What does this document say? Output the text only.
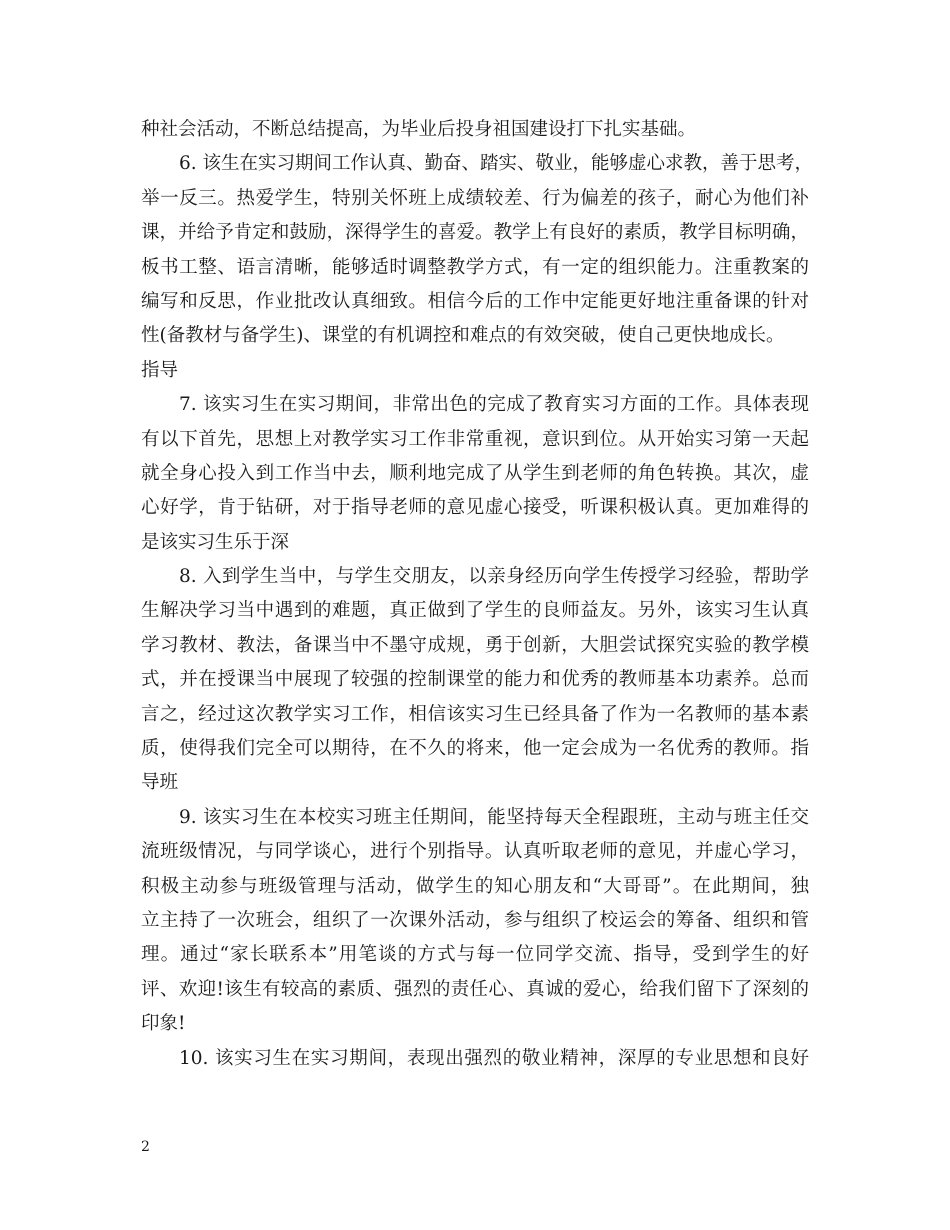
种社会活动，不断总结提高，为毕业后投身祖国建设打下扎实基础。
6. 该生在实习期间工作认真、勤奋、踏实、敬业，能够虚心求教，善于思考，
举一反三。热爱学生，特别关怀班上成绩较差、行为偏差的孩子，耐心为他们补
课，并给予肯定和鼓励，深得学生的喜爱。教学上有良好的素质，教学目标明确，
板书工整、语言清晰，能够适时调整教学方式，有一定的组织能力。注重教案的
编写和反思，作业批改认真细致。相信今后的工作中定能更好地注重备课的针对
性(备教材与备学生)、课堂的有机调控和难点的有效突破，使自己更快地成长。
指导
7. 该实习生在实习期间，非常出色的完成了教育实习方面的工作。具体表现
有以下首先，思想上对教学实习工作非常重视，意识到位。从开始实习第一天起
就全身心投入到工作当中去，顺利地完成了从学生到老师的角色转换。其次，虚
心好学，肯于钻研，对于指导老师的意见虚心接受，听课积极认真。更加难得的
是该实习生乐于深
8. 入到学生当中，与学生交朋友，以亲身经历向学生传授学习经验，帮助学
生解决学习当中遇到的难题，真正做到了学生的良师益友。另外，该实习生认真
学习教材、教法，备课当中不墨守成规，勇于创新，大胆尝试探究实验的教学模
式，并在授课当中展现了较强的控制课堂的能力和优秀的教师基本功素养。总而
言之，经过这次教学实习工作，相信该实习生已经具备了作为一名教师的基本素
质，使得我们完全可以期待，在不久的将来，他一定会成为一名优秀的教师。指
导班
9. 该实习生在本校实习班主任期间，能坚持每天全程跟班，主动与班主任交
流班级情况，与同学谈心，进行个别指导。认真听取老师的意见，并虚心学习，
积极主动参与班级管理与活动，做学生的知心朋友和“大哥哥”。在此期间，独
立主持了一次班会，组织了一次课外活动，参与组织了校运会的筹备、组织和管
理。通过“家长联系本”用笔谈的方式与每一位同学交流、指导，受到学生的好
评、欢迎!该生有较高的素质、强烈的责任心、真诚的爱心，给我们留下了深刻的
印象!
10. 该实习生在实习期间，表现出强烈的敬业精神，深厚的专业思想和良好
2
